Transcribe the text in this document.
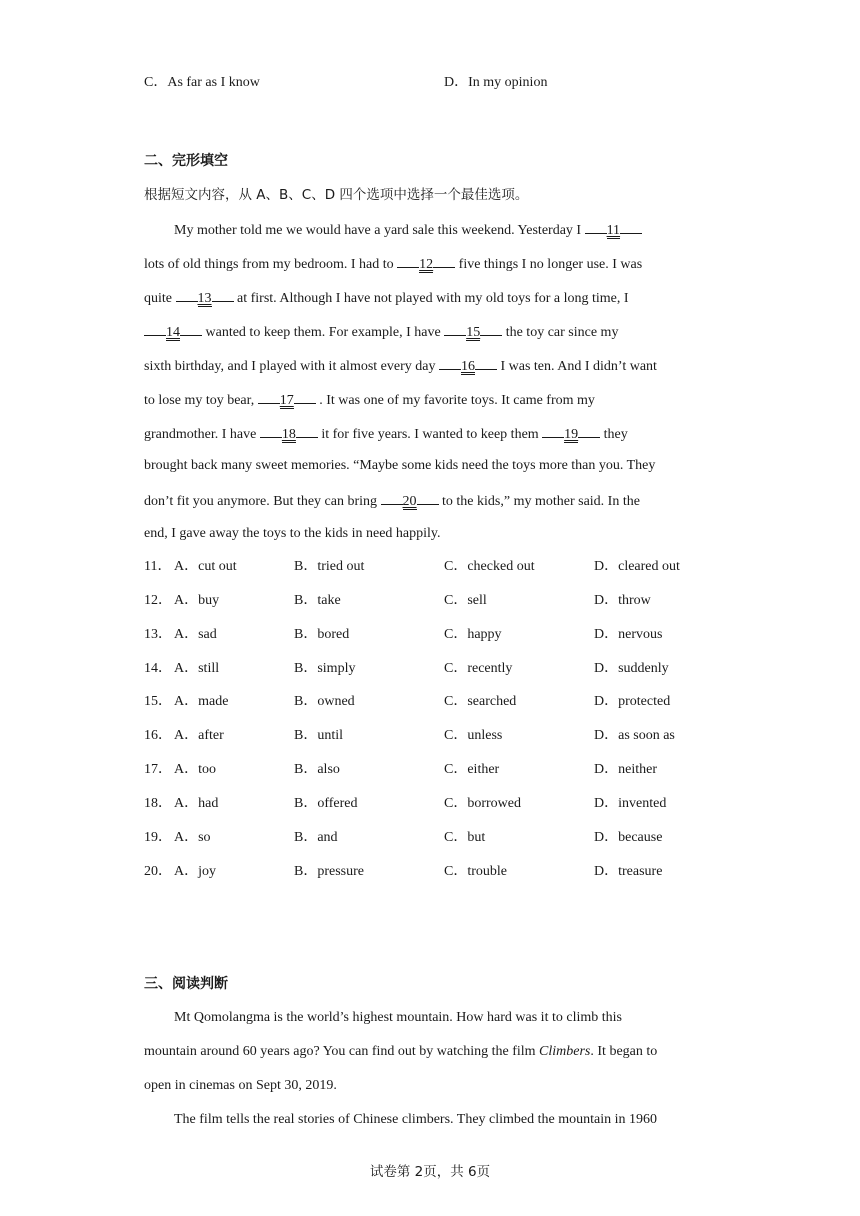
C．As far as I know	D．In my opinion
二、完形填空
根据短文内容，从 A、B、C、D 四个选项中选择一个最佳选项。
My mother told me we would have a yard sale this weekend. Yesterday I 11
lots of old things from my bedroom. I had to 12 five things I no longer use. I was
quite 13 at first. Although I have not played with my old toys for a long time, I
14 wanted to keep them. For example, I have 15 the toy car since my
sixth birthday, and I played with it almost every day 16 I was ten. And I didn’t want
to lose my toy bear, 17 . It was one of my favorite toys. It came from my
grandmother. I have 18 it for five years. I wanted to keep them 19 they
brought back many sweet memories. “Maybe some kids need the toys more than you. They
don’t fit you anymore. But they can bring 20 to the kids,” my mother said. In the
end, I gave away the toys to the kids in need happily.
11． A．cut out	B．tried out	C．checked out	D．cleared out
12． A．buy	B．take	C．sell	D．throw
13． A．sad	B．bored	C．happy	D．nervous
14． A．still	B．simply	C．recently	D．suddenly
15． A．made	B．owned	C．searched	D．protected
16． A．after	B．until	C．unless	D．as soon as
17． A．too	B．also	C．either	D．neither
18． A．had	B．offered	C．borrowed	D．invented
19． A．so	B．and	C．but	D．because
20． A．joy	B．pressure	C．trouble	D．treasure
三、阅读判断
Mt Qomolangma is the world’s highest mountain. How hard was it to climb this
mountain around 60 years ago? You can find out by watching the film Climbers. It began to
open in cinemas on Sept 30, 2019.
The film tells the real stories of Chinese climbers. They climbed the mountain in 1960
试卷第 2页，共 6页
